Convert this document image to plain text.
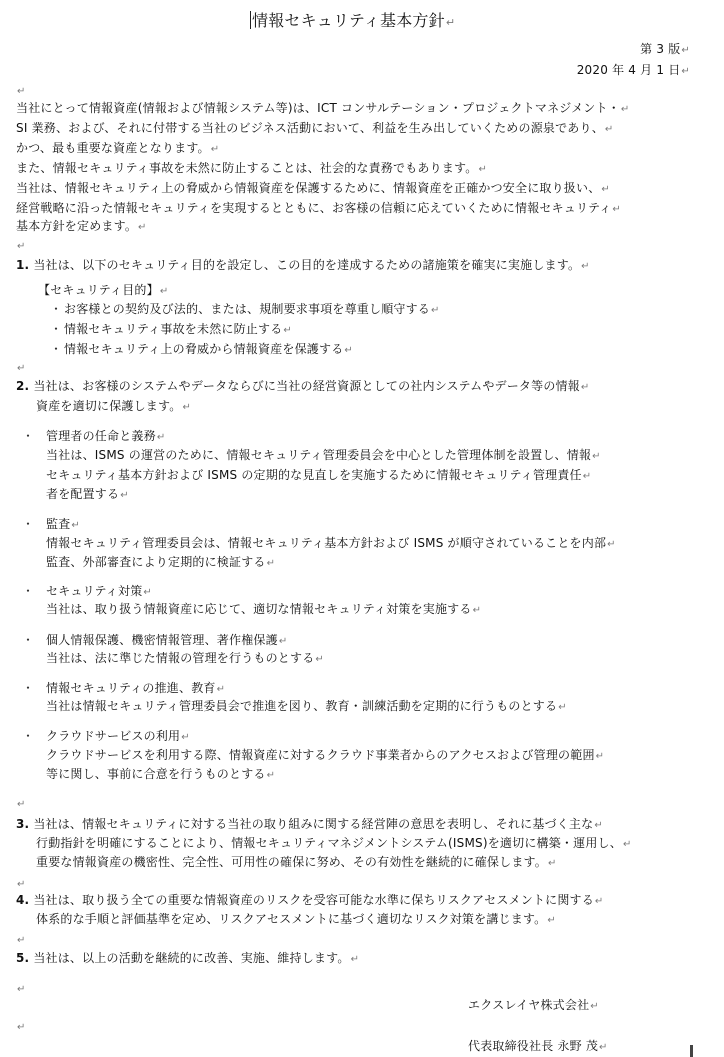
情報セキュリティ基本方針 ↵
第 3 版 ↵
2020 年 4 月 1 日 ↵
↵
当社にとって情報資産(情報および情報システム等)は、ICT コンサルテーション・プロジェクトマネジメント・ ↵
SI 業務、および、それに付帯する当社のビジネス活動において、利益を生み出していくための源泉であり、 ↵
かつ、最も重要な資産となります。 ↵
また、情報セキュリティ事故を未然に防止することは、社会的な責務でもあります。 ↵
当社は、情報セキュリティ上の脅威から情報資産を保護するために、情報資産を正確かつ安全に取り扱い、 ↵
経営戦略に沿った情報セキュリティを実現するとともに、お客様の信頼に応えていくために情報セキュリティ ↵
基本方針を定めます。 ↵
↵
1. 当社は、以下のセキュリティ目的を設定し、この目的を達成するための諸施策を確実に実施します。 ↵
【セキュリティ目的】 ↵
・ お客様との契約及び法的、または、規制要求事項を尊重し順守する ↵
・ 情報セキュリティ事故を未然に防止する ↵
・ 情報セキュリティ上の脅威から情報資産を保護する ↵
↵
2. 当社は、お客様のシステムやデータならびに当社の経営資源としての社内システムやデータ等の情報 ↵
資産を適切に保護します。 ↵
・ 管理者の任命と義務 ↵
当社は、ISMS の運営のために、情報セキュリティ管理委員会を中心とした管理体制を設置し、情報 ↵
セキュリティ基本方針および ISMS の定期的な見直しを実施するために情報セキュリティ管理責任 ↵
者を配置する ↵
・ 監査 ↵
情報セキュリティ管理委員会は、情報セキュリティ基本方針および ISMS が順守されていることを内部 ↵
監査、外部審査により定期的に検証する ↵
・ セキュリティ対策 ↵
当社は、取り扱う情報資産に応じて、適切な情報セキュリティ対策を実施する ↵
・ 個人情報保護、機密情報管理、著作権保護 ↵
当社は、法に準じた情報の管理を行うものとする ↵
・ 情報セキュリティの推進、教育 ↵
当社は情報セキュリティ管理委員会で推進を図り、教育・訓練活動を定期的に行うものとする ↵
・ クラウドサービスの利用 ↵
クラウドサービスを利用する際、情報資産に対するクラウド事業者からのアクセスおよび管理の範囲 ↵
等に関し、事前に合意を行うものとする ↵
↵
3. 当社は、情報セキュリティに対する当社の取り組みに関する経営陣の意思を表明し、それに基づく主な ↵
行動指針を明確にすることにより、情報セキュリティマネジメントシステム(ISMS)を適切に構築・運用し、 ↵
重要な情報資産の機密性、完全性、可用性の確保に努め、その有効性を継続的に確保します。 ↵
↵
4. 当社は、取り扱う全ての重要な情報資産のリスクを受容可能な水準に保ちリスクアセスメントに関する ↵
体系的な手順と評価基準を定め、リスクアセスメントに基づく適切なリスク対策を講じます。 ↵
↵
5. 当社は、以上の活動を継続的に改善、実施、維持します。 ↵
↵
エクスレイヤ株式会社 ↵
↵
代表取締役社長 永野 茂 ↵
